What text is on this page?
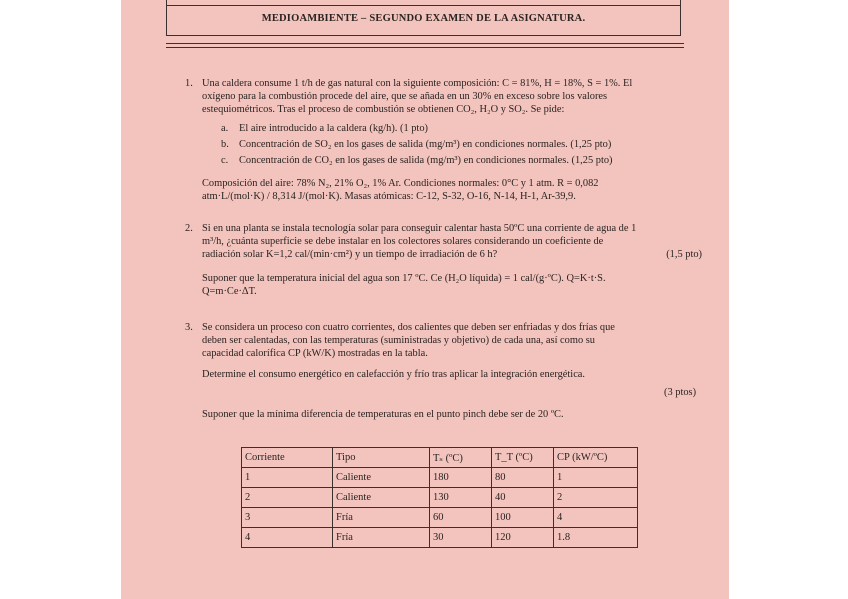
MEDIOAMBIENTE – SEGUNDO EXAMEN DE LA ASIGNATURA.
1. Una caldera consume 1 t/h de gas natural con la siguiente composición: C = 81%, H = 18%, S = 1%. El
oxígeno para la combustión procede del aire, que se añada en un 30% en exceso sobre los valores
estequiométricos. Tras el proceso de combustión se obtienen CO₂, H₂O y SO₂. Se pide:
a. El aire introducido a la caldera (kg/h). (1 pto)
b. Concentración de SO₂ en los gases de salida (mg/m³) en condiciones normales. (1,25 pto)
c. Concentración de CO₂ en los gases de salida (mg/m³) en condiciones normales. (1,25 pto)
Composición del aire: 78% N₂, 21% O₂, 1% Ar. Condiciones normales: 0°C y 1 atm. R = 0,082
atm·L/(mol·K) / 8,314 J/(mol·K). Masas atómicas: C-12, S-32, O-16, N-14, H-1, Ar-39,9.
2. Si en una planta se instala tecnología solar para conseguir calentar hasta 50ºC una corriente de agua de 1
m³/h, ¿cuánta superficie se debe instalar en los colectores solares considerando un coeficiente de
radiación solar K=1,2 cal/(min·cm²) y un tiempo de irradiación de 6 h?	(1,5 pto)
Suponer que la temperatura inicial del agua son 17 ºC. Ce (H₂O líquida) = 1 cal/(g·ºC). Q=K·t·S.
Q=m·Ce·ΔT.
3. Se considera un proceso con cuatro corrientes, dos calientes que deben ser enfriadas y dos frías que
deben ser calentadas, con las temperaturas (suministradas y objetivo) de cada una, así como su
capacidad calorífica CP (kW/K) mostradas en la tabla.
Determine el consumo energético en calefacción y frío tras aplicar la integración energética.
(3 ptos)
Suponer que la mínima diferencia de temperaturas en el punto pinch debe ser de 20 ºC.
Corriente	Tipo	Tₛ (ºC)	T_T (ºC)	CP (kW/ºC)
1	Caliente	180	80	1
2	Caliente	130	40	2
3	Fría	60	100	4
4	Fría	30	120	1.8
